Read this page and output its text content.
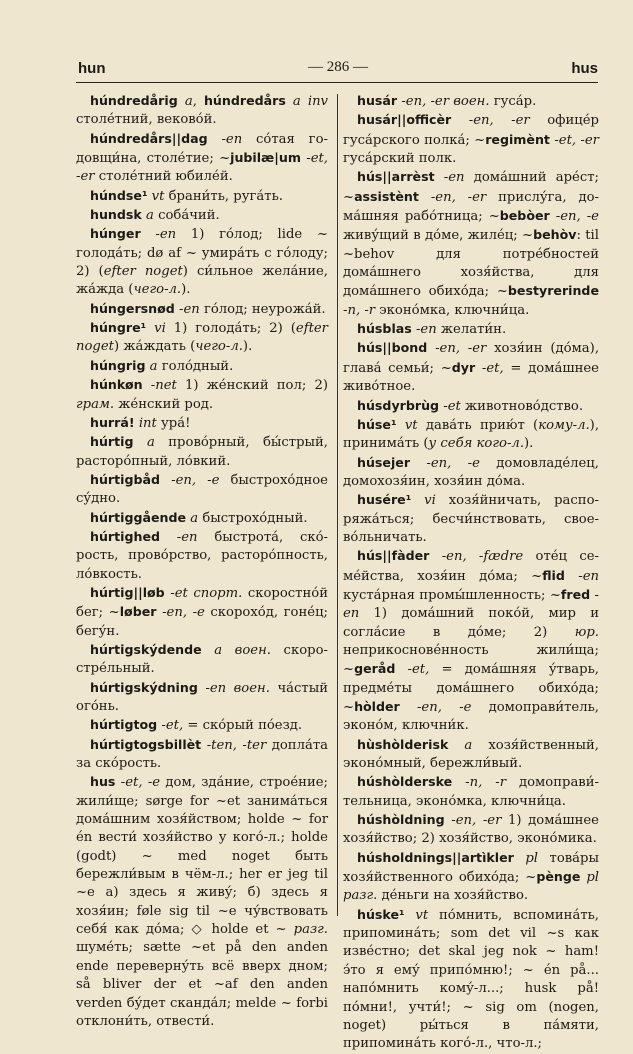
hun	— 286 —	hus

húndredårig a, húndredårs a inv столе́тний, веково́й.

húndredårs||dag -en со́тая годовщи́на, столе́тие; ~jubilæ|um -et, -er столе́тний юбиле́й.

húndse¹ vt брани́ть, руга́ть.

hundsk a соба́чий.

húnger -en 1) го́лод; lide ~ голода́ть; dø af ~ умира́ть с го́лоду; 2) (efter noget) си́льное жела́ние, жа́жда (чего-л.).

húngersnød -en го́лод; неурожа́й.

húngre¹ vi 1) голода́ть; 2) (efter noget) жа́ждать (чего-л.).

húngrig a голо́дный.

húnkøn -net 1) же́нский пол; 2) грам. же́нский род.

hurrá! int ура́!

húrtig a прово́рный, бы́стрый, расторо́пный, ло́вкий.

húrtigbåd -en, -e быстрохо́дное су́дно.

húrtiggående a быстрохо́дный.

húrtighed -en быстрота́, ско́рость, прово́рство, расторо́пность, ло́вкость.

húrtig||løb -et спорт. скоростно́й бег; ~løber -en, -e скорохо́д, гоне́ц; бегу́н.

húrtigskýdende a воен. скоростре́льный.

húrtigskýdning -en воен. ча́стый ого́нь.

húrtigtog -et, = ско́рый по́езд.

húrtigtogsbillèt -ten, -ter допла́та за ско́рость.

hus -et, -e дом, зда́ние, строе́ние; жили́ще; sørge for ~et занима́ться дома́шним хозя́йством; holde ~ for én вести́ хозя́йство у кого́-л.; holde (godt) ~ med noget быть бережли́вым в чём-л.; her er jeg til ~e а) здесь я живу́; б) здесь я хозя́ин; føle sig til ~e чу́вствовать себя́ как до́ма; ◇ holde et ~ разг. шуме́ть; sætte ~et på den anden ende переверну́ть всё вверх дном; så bliver der et ~af den anden verden бу́дет сканда́л; melde ~ forbi отклони́ть, отвести́.

husár -en, -er воен. гуса́р.

husár||officèr -en, -er офице́р гуса́рского полка́; ~regimènt -et, -er гуса́рский полк.

hús||arrèst -en дома́шний аре́ст; ~assistènt -en, -er прислу́га, дома́шняя рабо́тница; ~bebòer -en, -e живу́щий в до́ме, жиле́ц; ~behòv: til ~behov для потре́бностей дома́шнего хозя́йства, для дома́шнего обихо́да; ~bestyrerinde -n, -r эконо́мка, ключни́ца.

húsblas -en желати́н.

hús||bond -en, -er хозя́ин (до́ма), глава́ семьи́; ~dyr -et, = дома́шнее живо́тное.

húsdyrbrùg -et животново́дство.

húse¹ vt дава́ть прию́т (кому-л.), принима́ть (у себя кого-л.).

húsejer -en, -e домовладе́лец, домохозя́ин, хозя́ин до́ма.

husére¹ vi хозя́йничать, распоряжа́ться; бесчи́нствовать, своево́льничать.

hús||fàder -en, -fædre оте́ц семе́йства, хозя́ин до́ма; ~flid -en куста́рная промы́шленность; ~fred -en 1) дома́шний поко́й, мир и согла́сие в до́ме; 2) юр. неприкоснове́нность жили́ща; ~geråd -et, = дома́шняя у́тварь, предме́ты дома́шнего обихо́да; ~hòlder -en, -e домоправи́тель, эконо́м, ключни́к.

hùshòlderisk a хозя́йственный, эконо́мный, бережли́вый.

húshòlderske -n, -r домоправи́тельница, эконо́мка, ключни́ца.

húshòldning -en, -er 1) дома́шнее хозя́йство; 2) хозя́йство, эконо́мика.

húsholdnings||artìkler pl това́ры хозя́йственного обихо́да; ~pènge pl разг. де́ньги на хозя́йство.

húske¹ vt по́мнить, вспомина́ть, припомина́ть; som det vil ~s как изве́стно; det skal jeg nok ~ ham! э́то я ему́ припо́мню!; ~ én på... напо́мнить кому́-л...; husk på! по́мни!, учти́!; ~ sig om (nogen, noget) ры́ться в па́мяти, припомина́ть кого́-л., что-л.;
